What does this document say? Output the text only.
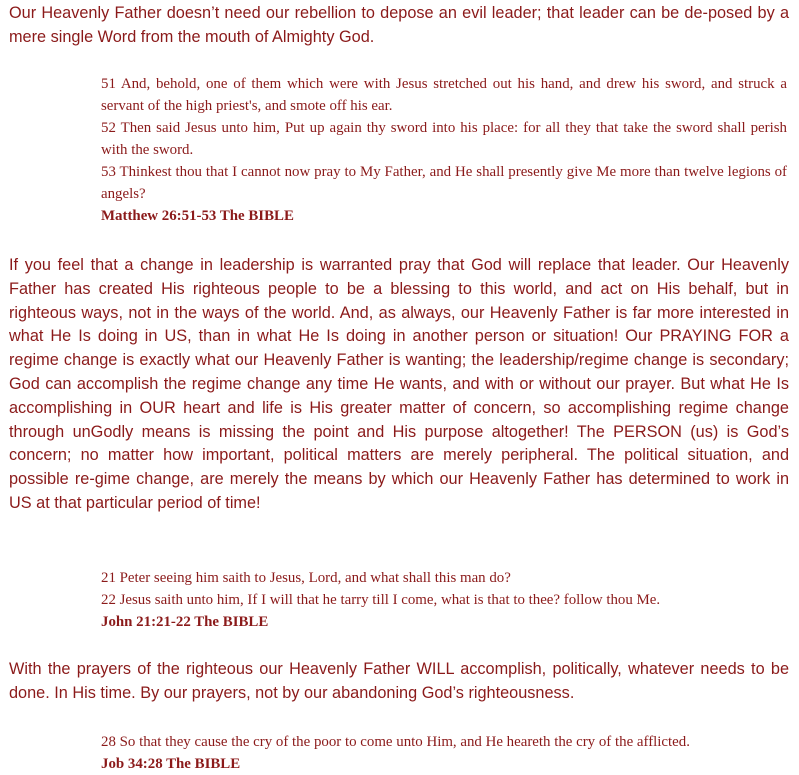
Our Heavenly Father doesn’t need our rebellion to depose an evil leader; that leader can be de-posed by a mere single Word from the mouth of Almighty God.

51 And, behold, one of them which were with Jesus stretched out his hand, and drew his sword, and struck a servant of the high priest's, and smote off his ear.

52 Then said Jesus unto him, Put up again thy sword into his place: for all they that take the sword shall perish with the sword.

53 Thinkest thou that I cannot now pray to My Father, and He shall presently give Me more than twelve legions of angels?

Matthew 26:51-53 The BIBLE

If you feel that a change in leadership is warranted pray that God will replace that leader. Our Heavenly Father has created His righteous people to be a blessing to this world, and act on His behalf, but in righteous ways, not in the ways of the world. And, as always, our Heavenly Father is far more interested in what He Is doing in US, than in what He Is doing in another person or situation! Our PRAYING FOR a regime change is exactly what our Heavenly Father is wanting; the leadership/regime change is secondary; God can accomplish the regime change any time He wants, and with or without our prayer. But what He Is accomplishing in OUR heart and life is His greater matter of concern, so accomplishing regime change through unGodly means is missing the point and His purpose altogether! The PERSON (us) is God’s concern; no matter how important, political matters are merely peripheral. The political situation, and possible re-gime change, are merely the means by which our Heavenly Father has determined to work in US at that particular period of time!

21 Peter seeing him saith to Jesus, Lord, and what shall this man do?

22 Jesus saith unto him, If I will that he tarry till I come, what is that to thee? follow thou Me.

John 21:21-22 The BIBLE

With the prayers of the righteous our Heavenly Father WILL accomplish, politically, whatever needs to be done. In His time. By our prayers, not by our abandoning God’s righteousness.

28 So that they cause the cry of the poor to come unto Him, and He heareth the cry of the afflicted.

Job 34:28 The BIBLE
